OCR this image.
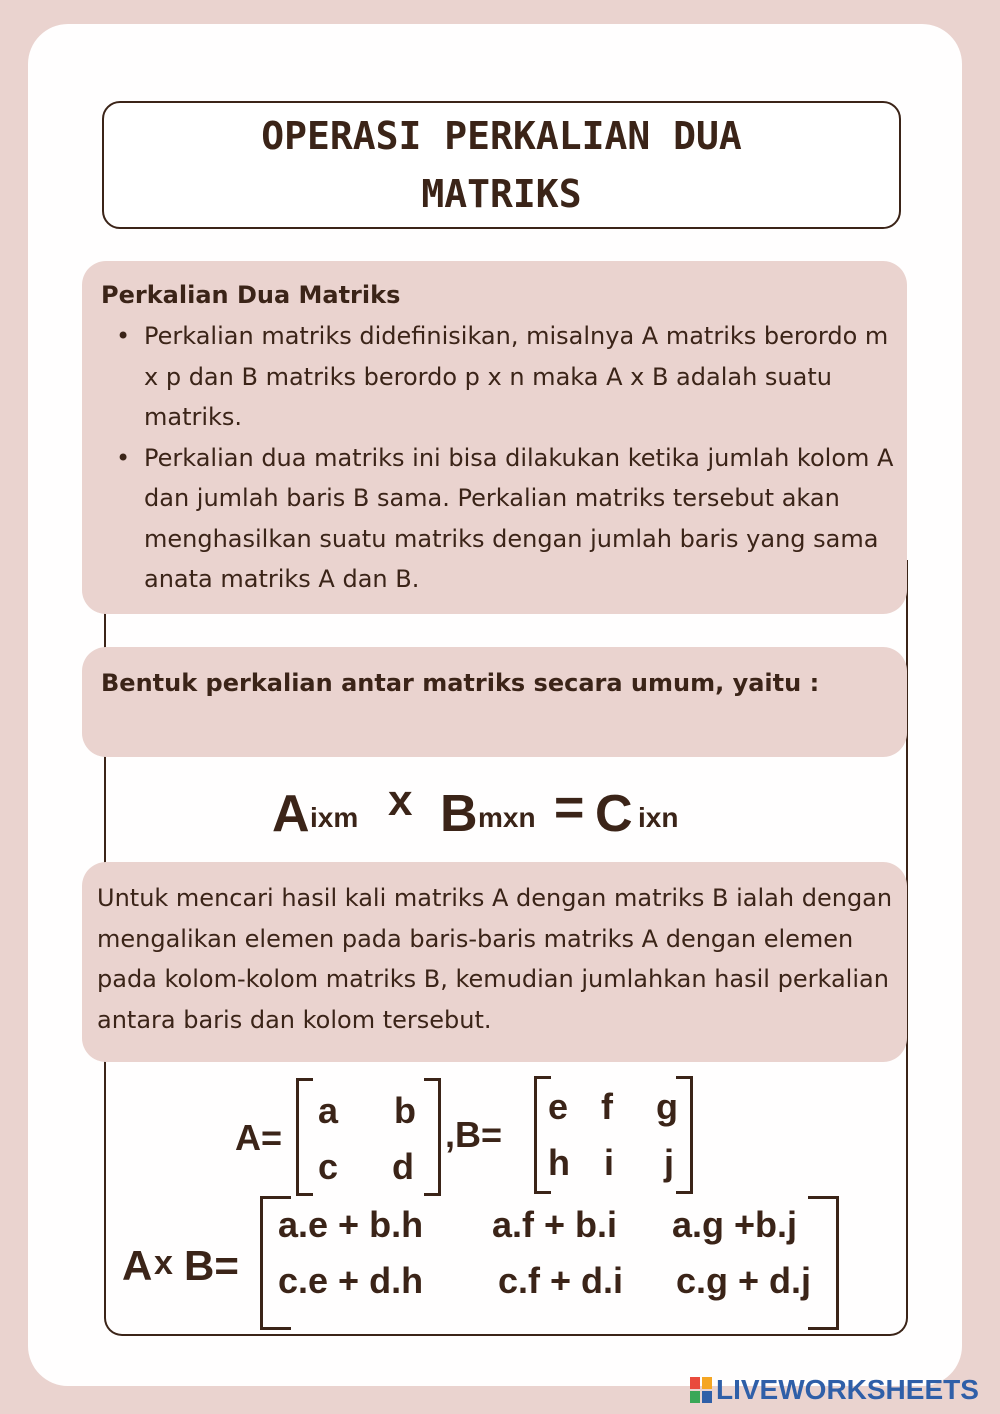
OPERASI PERKALIAN DUA
MATRIKS
Perkalian Dua Matriks
• Perkalian matriks didefinisikan, misalnya A matriks berordo m x p dan B matriks berordo p x n maka A x B adalah suatu matriks.
• Perkalian dua matriks ini bisa dilakukan ketika jumlah kolom A dan jumlah baris B sama. Perkalian matriks tersebut akan menghasilkan suatu matriks dengan jumlah baris yang sama anata matriks A dan B.
Bentuk perkalian antar matriks secara umum, yaitu :
A ixm x B mxn = C ixn
Untuk mencari hasil kali matriks A dengan matriks B ialah dengan mengalikan elemen pada baris-baris matriks A dengan elemen pada kolom-kolom matriks B, kemudian jumlahkan hasil perkalian antara baris dan kolom tersebut.
A=
a b
c d
,B=
e f g
h i j
A x B=
a.e + b.h a.f + b.i a.g +b.j
c.e + d.h c.f + d.i c.g + d.j
LIVEWORKSHEETS
